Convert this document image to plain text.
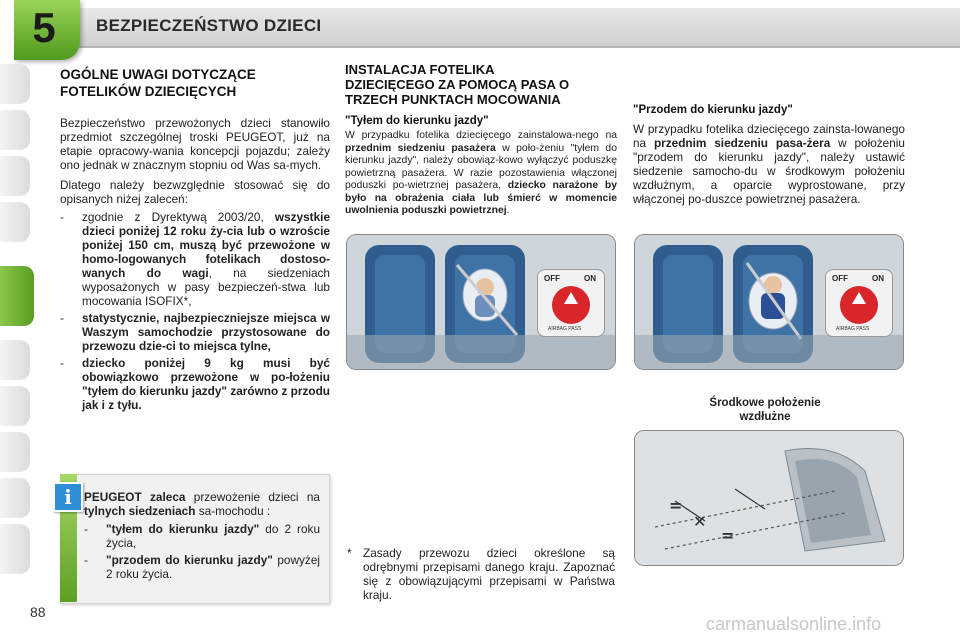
5	BEZPIECZEŃSTWO DZIECI
OGÓLNE UWAGI DOTYCZĄCE
FOTELIKÓW DZIECIĘCYCH

Bezpieczeństwo przewożonych dzieci stanowiło przedmiot szczególnej troski PEUGEOT, już na etapie opracowy-wania koncepcji pojazdu; zależy ono jednak w znacznym stopniu od Was sa-mych.

Dlatego należy bezwzględnie stosować się do opisanych niżej zaleceń:

- zgodnie z Dyrektywą 2003/20, wszystkie dzieci poniżej 12 roku ży-cia lub o wzroście poniżej 150 cm, muszą być przewożone w homo-logowanych fotelikach dostoso-wanych do wagi, na siedzeniach wyposażonych w pasy bezpieczeń-stwa lub mocowania ISOFIX*,
- statystycznie, najbezpieczniejsze miejsca w Waszym samochodzie przystosowane do przewozu dzie-ci to miejsca tylne,
- dziecko poniżej 9 kg musi być obowiązkowo przewożone w po-łożeniu "tyłem do kierunku jazdy" zarówno z przodu jak i z tyłu.
i	PEUGEOT zaleca przewożenie dzieci na tylnych siedzeniach sa-mochodu :
- "tyłem do kierunku jazdy" do 2 roku życia,
- "przodem do kierunku jazdy" powyżej 2 roku życia.
88
INSTALACJA FOTELIKA
DZIECIĘCEGO ZA POMOCĄ PASA O
TRZECH PUNKTACH MOCOWANIA
"Tyłem do kierunku jazdy"

W przypadku fotelika dziecięcego zainstalowa-nego na przednim siedzeniu pasażera w poło-żeniu "tyłem do kierunku jazdy", należy obowiąz-kowo wyłączyć poduszkę powietrzną pasażera. W razie pozostawienia włączonej poduszki po-wietrznej pasażera, dziecko narażone by było na obrażenia ciała lub śmierć w momencie uwolnienia poduszki powietrznej.

OFF	ON
AIRBAG PASS
* Zasady przewozu dzieci określone są odrębnymi przepisami danego kraju. Zapoznać się z obowiązującymi przepisami w Państwa kraju.

"Przodem do kierunku jazdy"

W przypadku fotelika dziecięcego zainsta-lowanego na przednim siedzeniu pasa-żera w położeniu "przodem do kierunku jazdy", należy ustawić siedzenie samocho-du w środkowym położeniu wzdłużnym, a oparcie wyprostowane, przy włączonej po-duszce powietrznej pasażera.

OFF	ON
AIRBAG PASS
Środkowe położenie
wzdłużne
=
✕
=
carmanualsonline.info
